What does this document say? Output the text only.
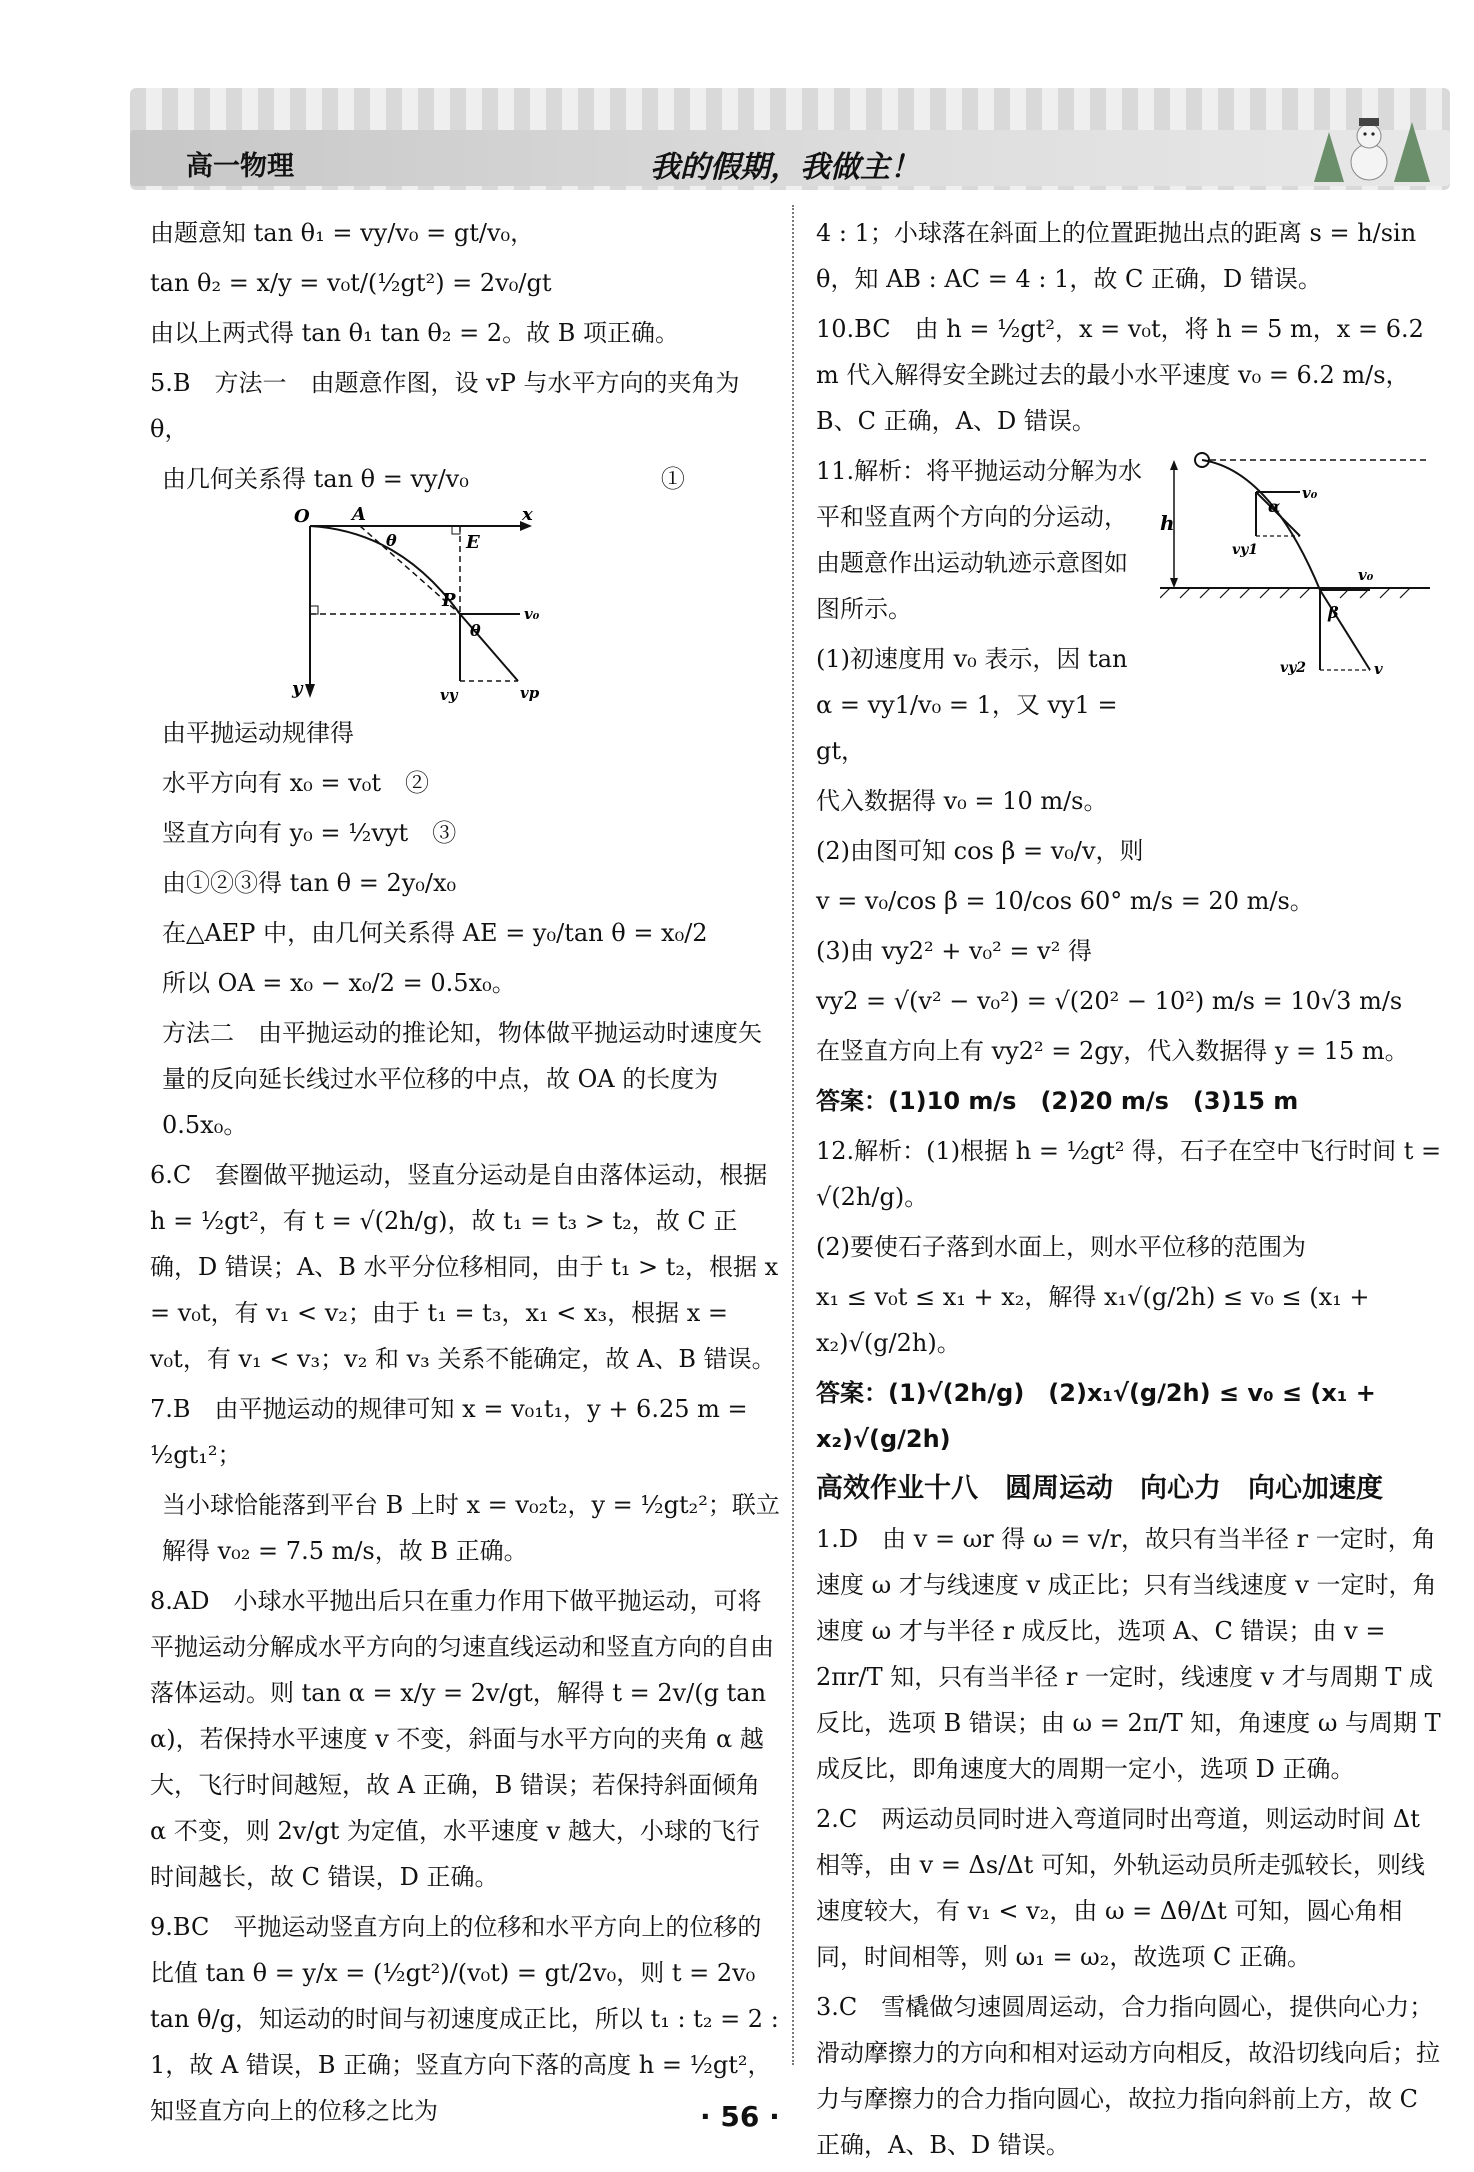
高一物理	我的假期，我做主！

由题意知 tan θ₁ = vy/v₀ = gt/v₀，

tan θ₂ = x/y = v₀t/(½gt²) = 2v₀/gt

由以上两式得 tan θ₁ tan θ₂ = 2。故 B 项正确。

5.B　方法一　由题意作图，设 vP 与水平方向的夹角为 θ，

由几何关系得 tan θ = vy/v₀　　　　　　　　①

O A
E
x
y
P
θ
θ
v₀
vy	vp

由平抛运动规律得

水平方向有 x₀ = v₀t　②

竖直方向有 y₀ = ½vyt　③

由①②③得 tan θ = 2y₀/x₀

在△AEP 中，由几何关系得 AE = y₀/tan θ = x₀/2

所以 OA = x₀ − x₀/2 = 0.5x₀。

方法二　由平抛运动的推论知，物体做平抛运动时速度矢量的反向延长线过水平位移的中点，故 OA 的长度为 0.5x₀。

6.C　套圈做平抛运动，竖直分运动是自由落体运动，根据 h = ½gt²，有 t = √(2h/g)，故 t₁ = t₃ > t₂，故 C 正确，D 错误；A、B 水平分位移相同，由于 t₁ > t₂，根据 x = v₀t，有 v₁ < v₂；由于 t₁ = t₃，x₁ < x₃，根据 x = v₀t，有 v₁ < v₃；v₂ 和 v₃ 关系不能确定，故 A、B 错误。

7.B　由平抛运动的规律可知 x = v₀₁t₁，y + 6.25 m = ½gt₁²；

当小球恰能落到平台 B 上时 x = v₀₂t₂，y = ½gt₂²；联立解得 v₀₂ = 7.5 m/s，故 B 正确。

8.AD　小球水平抛出后只在重力作用下做平抛运动，可将平抛运动分解成水平方向的匀速直线运动和竖直方向的自由落体运动。则 tan α = x/y = 2v/gt，解得 t = 2v/(g tan α)，若保持水平速度 v 不变，斜面与水平方向的夹角 α 越大，飞行时间越短，故 A 正确，B 错误；若保持斜面倾角 α 不变，则 2v/gt 为定值，水平速度 v 越大，小球的飞行时间越长，故 C 错误，D 正确。

9.BC　平抛运动竖直方向上的位移和水平方向上的位移的比值 tan θ = y/x = (½gt²)/(v₀t) = gt/2v₀，则 t = 2v₀ tan θ/g，知运动的时间与初速度成正比，所以 t₁ : t₂ = 2 : 1，故 A 错误，B 正确；竖直方向下落的高度 h = ½gt²，知竖直方向上的位移之比为

4 : 1；小球落在斜面上的位置距抛出点的距离 s = h/sin θ，知 AB : AC = 4 : 1，故 C 正确，D 错误。

10.BC　由 h = ½gt²，x = v₀t，将 h = 5 m，x = 6.2 m 代入解得安全跳过去的最小水平速度 v₀ = 6.2 m/s，B、C 正确，A、D 错误。

11.解析：将平抛运动分解为水平和竖直两个方向的分运动，由题意作出运动轨迹示意图如图所示。

(1)初速度用 v₀ 表示，因 tan α = vy1/v₀ = 1，又 vy1 = gt，

代入数据得 v₀ = 10 m/s。

(2)由图可知 cos β = v₀/v，则

v = v₀/cos β = 10/cos 60° m/s = 20 m/s。

(3)由 vy2² + v₀² = v² 得

vy2 = √(v² − v₀²) = √(20² − 10²) m/s = 10√3 m/s

在竖直方向上有 vy2² = 2gy，代入数据得 y = 15 m。

答案：(1)10 m/s　(2)20 m/s　(3)15 m

12.解析：(1)根据 h = ½gt² 得，石子在空中飞行时间 t = √(2h/g)。

(2)要使石子落到水面上，则水平位移的范围为

x₁ ≤ v₀t ≤ x₁ + x₂，解得 x₁√(g/2h) ≤ v₀ ≤ (x₁ + x₂)√(g/2h)。

答案：(1)√(2h/g)　(2)x₁√(g/2h) ≤ v₀ ≤ (x₁ + x₂)√(g/2h)

高效作业十八　圆周运动　向心力　向心加速度

1.D　由 v = ωr 得 ω = v/r，故只有当半径 r 一定时，角速度 ω 才与线速度 v 成正比；只有当线速度 v 一定时，角速度 ω 才与半径 r 成反比，选项 A、C 错误；由 v = 2πr/T 知，只有当半径 r 一定时，线速度 v 才与周期 T 成反比，选项 B 错误；由 ω = 2π/T 知，角速度 ω 与周期 T 成反比，即角速度大的周期一定小，选项 D 正确。

2.C　两运动员同时进入弯道同时出弯道，则运动时间 Δt 相等，由 v = Δs/Δt 可知，外轨运动员所走弧较长，则线速度较大，有 v₁ < v₂，由 ω = Δθ/Δt 可知，圆心角相同，时间相等，则 ω₁ = ω₂，故选项 C 正确。

3.C　雪橇做匀速圆周运动，合力指向圆心，提供向心力；滑动摩擦力的方向和相对运动方向相反，故沿切线向后；拉力与摩擦力的合力指向圆心，故拉力指向斜前上方，故 C 正确，A、B、D 错误。

h
α
v₀
vy1
v₀
β
vy2	v
· 56 ·
